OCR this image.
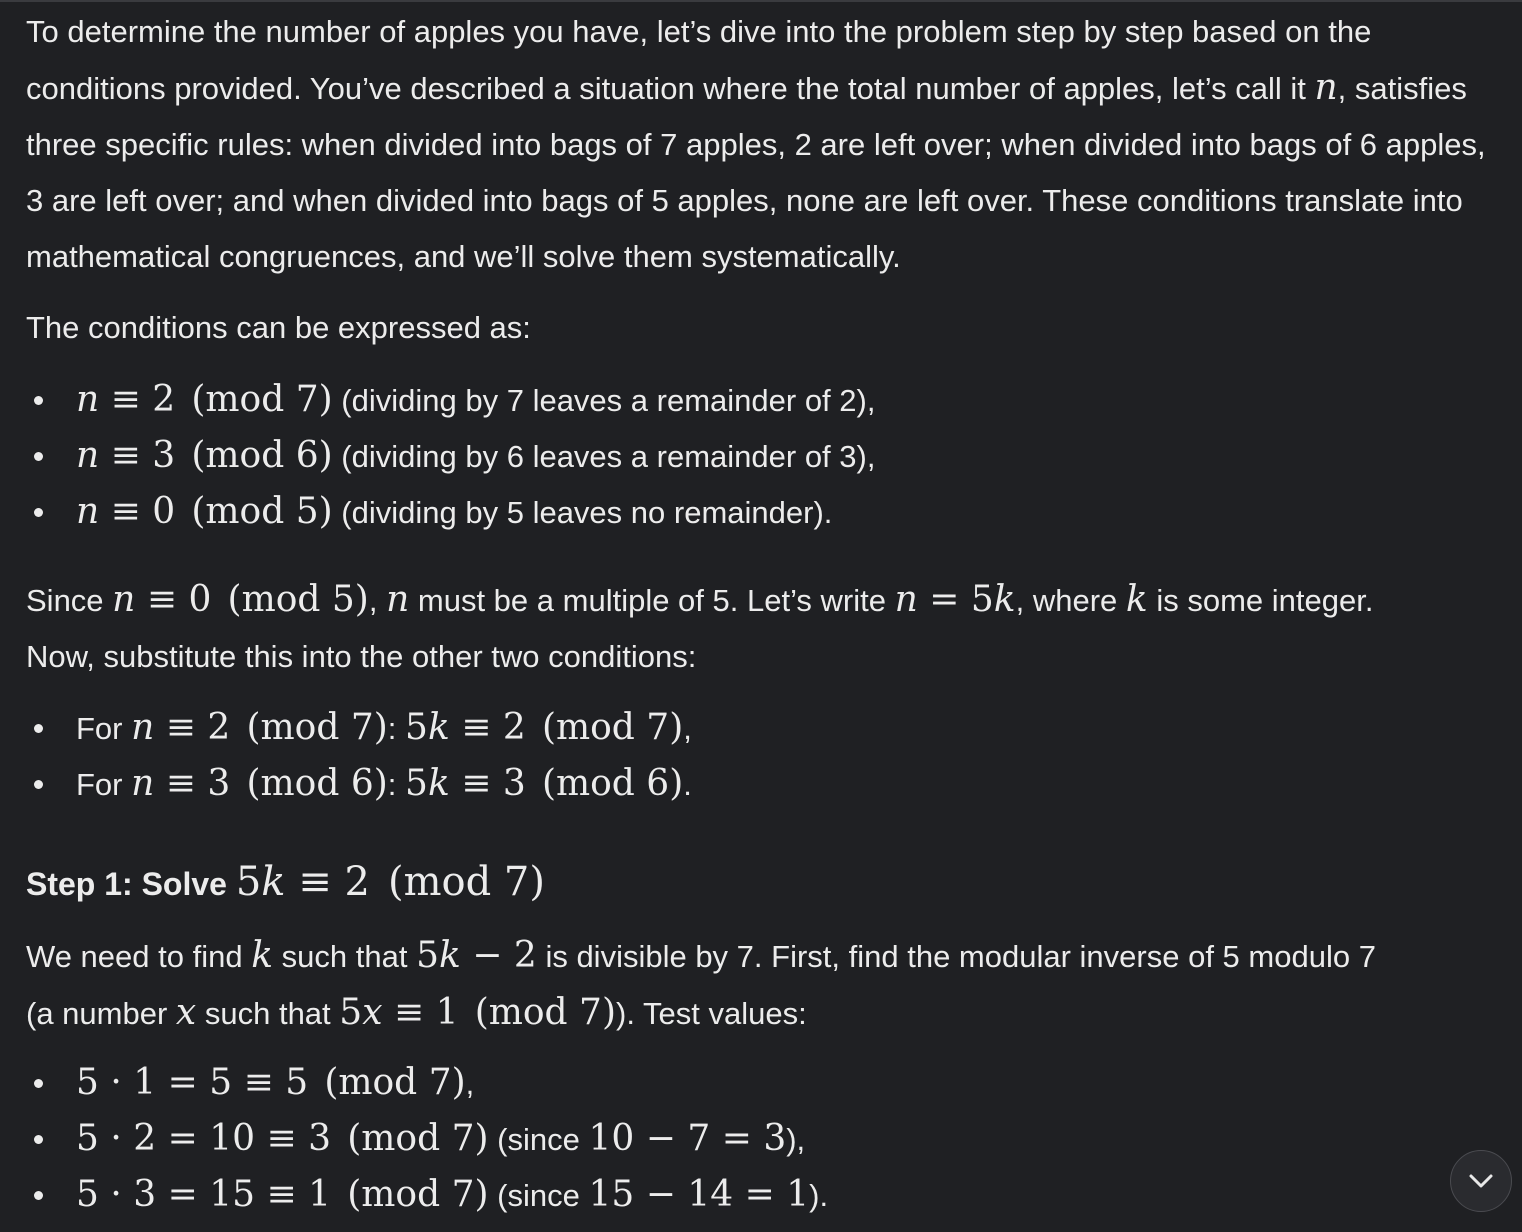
To determine the number of apples you have, let’s dive into the problem step by step based on the conditions provided. You’ve described a situation where the total number of apples, let’s call it n, satisfies three specific rules: when divided into bags of 7 apples, 2 are left over; when divided into bags of 6 apples, 3 are left over; and when divided into bags of 5 apples, none are left over. These conditions translate into mathematical congruences, and we’ll solve them systematically.

The conditions can be expressed as:

n ≡ 2 (mod 7) (dividing by 7 leaves a remainder of 2),
n ≡ 3 (mod 6) (dividing by 6 leaves a remainder of 3),
n ≡ 0 (mod 5) (dividing by 5 leaves no remainder).

Since n ≡ 0 (mod 5), n must be a multiple of 5. Let’s write n = 5k, where k is some integer.
Now, substitute this into the other two conditions:

For n ≡ 2 (mod 7): 5k ≡ 2 (mod 7),
For n ≡ 3 (mod 6): 5k ≡ 3 (mod 6).
Step 1: Solve 5k ≡ 2 (mod 7)

We need to find k such that 5k − 2 is divisible by 7. First, find the modular inverse of 5 modulo 7
(a number x such that 5x ≡ 1 (mod 7)). Test values:

5 · 1 = 5 ≡ 5 (mod 7),
5 · 2 = 10 ≡ 3 (mod 7) (since 10 − 7 = 3),
5 · 3 = 15 ≡ 1 (mod 7) (since 15 − 14 = 1).
